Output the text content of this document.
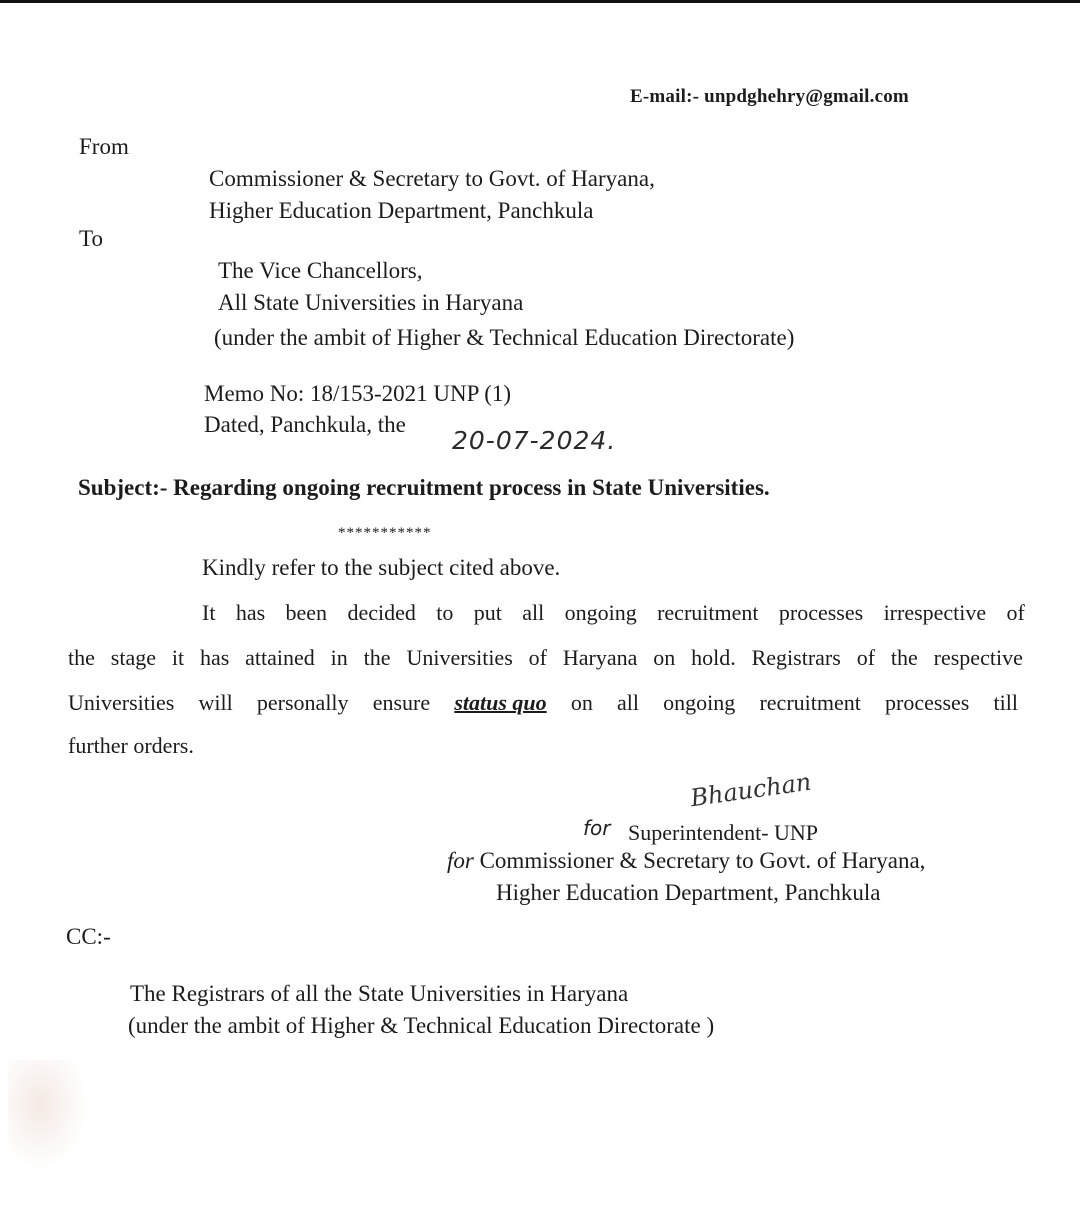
E-mail:- unpdghehry@gmail.com
From
Commissioner & Secretary to Govt. of Haryana,
Higher Education Department, Panchkula
To
The Vice Chancellors,
All State Universities in Haryana
(under the ambit of Higher & Technical Education Directorate)
Memo No: 18/153-2021 UNP (1)
Dated, Panchkula, the
20-07-2024.
Subject:- Regarding ongoing recruitment process in State Universities.
***********
Kindly refer to the subject cited above.
It has been decided to put all ongoing recruitment processes irrespective of
the stage it has attained in the Universities of Haryana on hold. Registrars of the respective
Universities will personally ensure status quo on all ongoing recruitment processes till
further orders.
Bhauchan
for Superintendent- UNP
for Commissioner & Secretary to Govt. of Haryana,
Higher Education Department, Panchkula
CC:-
The Registrars of all the State Universities in Haryana
(under the ambit of Higher & Technical Education Directorate )
